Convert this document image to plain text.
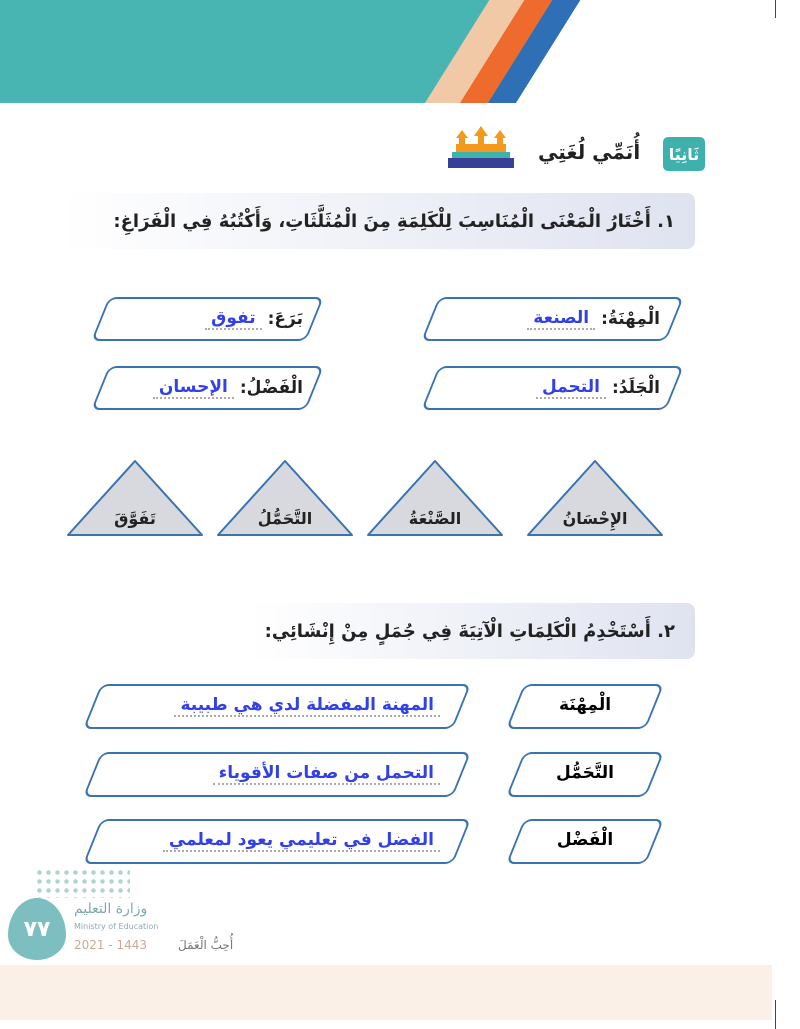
أُنَمِّي لُغَتِي	ثَانِيًا
١. أَخْتَارُ الْمَعْنَى الْمُنَاسِبَ لِلْكَلِمَةِ مِنَ الْمُثَلَّثَاتِ، وَأَكْتُبُهُ فِي الْفَرَاغِ:
الْمِهْنَةُ:
الصنعة
بَرَعَ:
تفوق
الْجَلَدُ:
التحمل
الْفَضْلُ:
الإحسان
الإِحْسَانُ
الصَّنْعَةُ
التَّحَمُّلُ
تَفَوَّقَ
٢. أَسْتَخْدِمُ الْكَلِمَاتِ الْآتِيَةَ فِي جُمَلٍ مِنْ إِنْشَائِي:
الْمِهْنَة
المهنة المفضلة لدي هي طبيبة
التَّحَمُّل
التحمل من صفات الأقوياء
الْفَضْل
الفضل في تعليمي يعود لمعلمي
٧٧
وزارة التعليم
Ministry of Education
2021 - 1443	أُحِبُّ الْعَمَلَ
